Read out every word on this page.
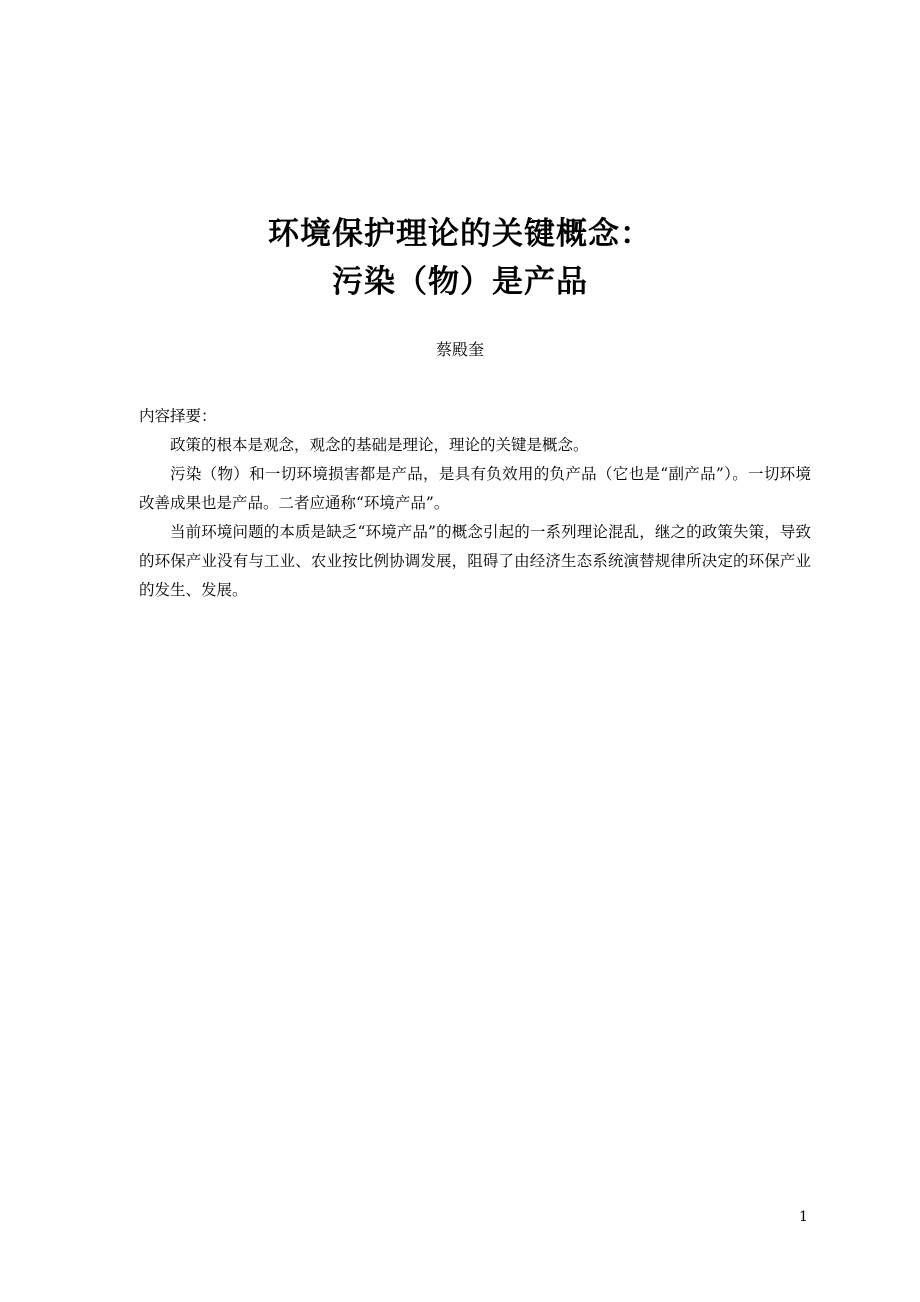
环境保护理论的关键概念：
污染（物）是产品
蔡殿奎

内容择要：

政策的根本是观念，观念的基础是理论，理论的关键是概念。

污染（物）和一切环境损害都是产品，是具有负效用的负产品（它也是“副产品”）。一切环境改善成果也是产品。二者应通称“环境产品”。

当前环境问题的本质是缺乏“环境产品”的概念引起的一系列理论混乱，继之的政策失策，导致的环保产业没有与工业、农业按比例协调发展，阻碍了由经济生态系统演替规律所决定的环保产业的发生、发展。

1
